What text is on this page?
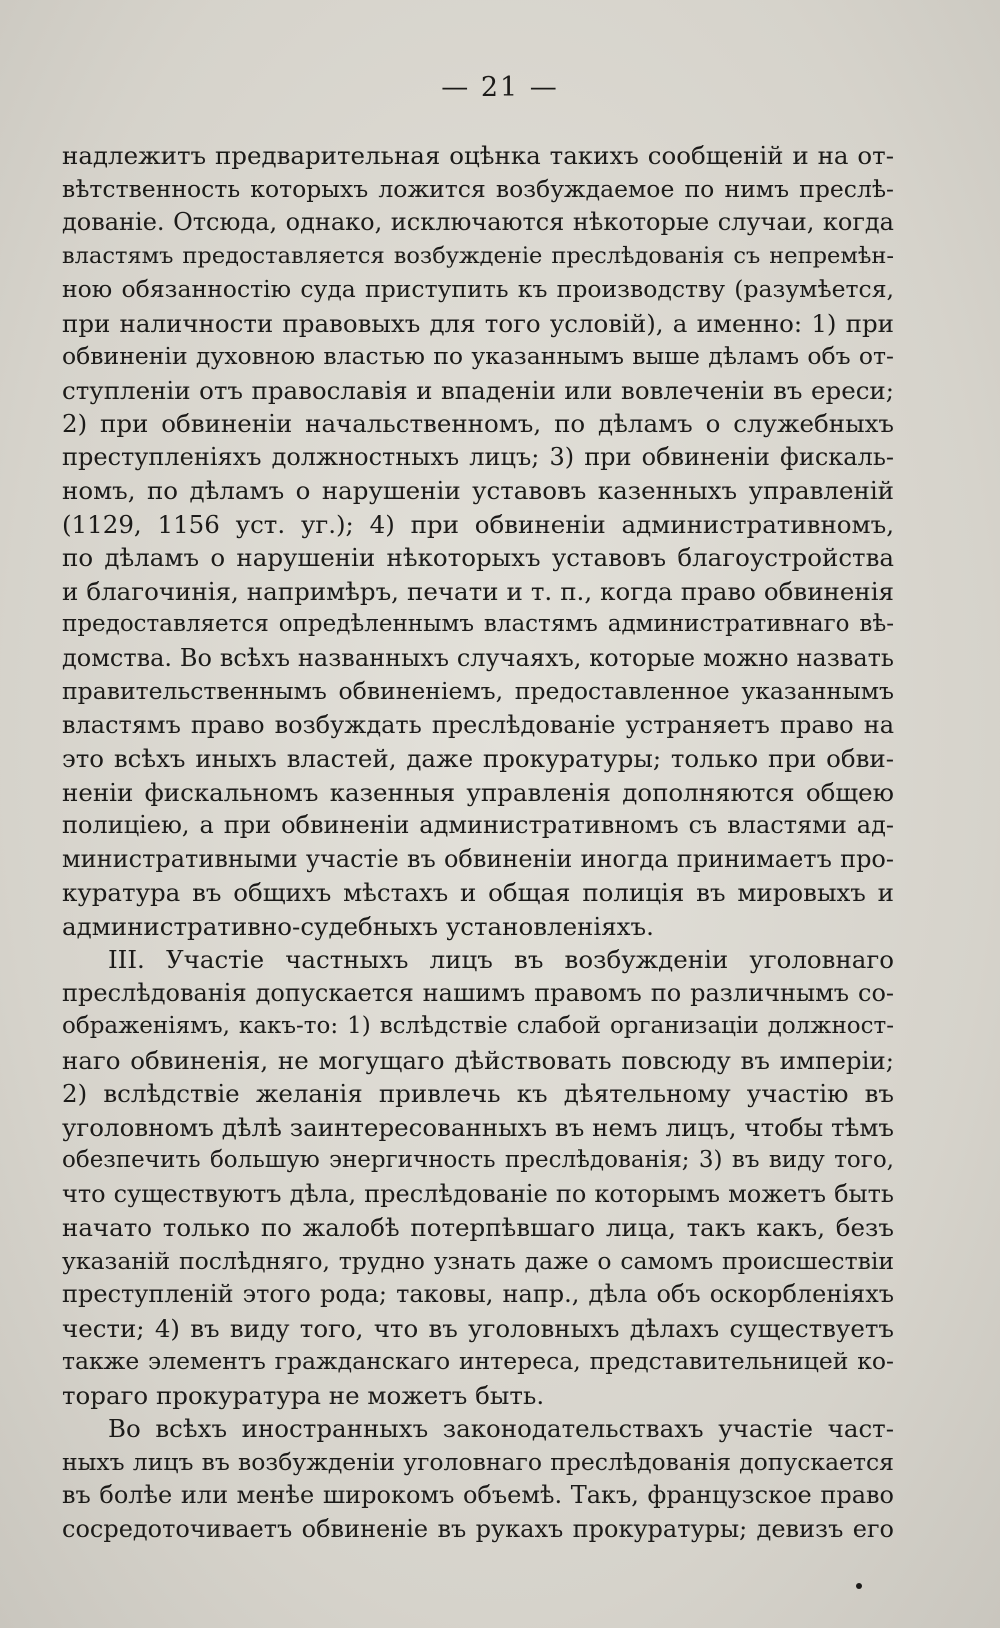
— 21 —
надлежитъ предварительная оцѣнка такихъ сообщеній и на от-
вѣтственность которыхъ ложится возбуждаемое по нимъ преслѣ-
дованіе. Отсюда, однако, исключаются нѣкоторые случаи, когда
властямъ предоставляется возбужденіе преслѣдованія съ непремѣн-
ною обязанностію суда приступить къ производству (разумѣется,
при наличности правовыхъ для того условій), а именно: 1) при
обвиненіи духовною властью по указаннымъ выше дѣламъ объ от-
ступленіи отъ православія и впаденіи или вовлеченіи въ ереси;
2) при обвиненіи начальственномъ, по дѣламъ о служебныхъ
преступленіяхъ должностныхъ лицъ; 3) при обвиненіи фискаль-
номъ, по дѣламъ о нарушеніи уставовъ казенныхъ управленій
(1129, 1156 уст. уг.); 4) при обвиненіи административномъ,
по дѣламъ о нарушеніи нѣкоторыхъ уставовъ благоустройства
и благочинія, напримѣръ, печати и т. п., когда право обвиненія
предоставляется опредѣленнымъ властямъ административнаго вѣ-
домства. Во всѣхъ названныхъ случаяхъ, которые можно назвать
правительственнымъ обвиненіемъ, предоставленное указаннымъ
властямъ право возбуждать преслѣдованіе устраняетъ право на
это всѣхъ иныхъ властей, даже прокуратуры; только при обви-
неніи фискальномъ казенныя управленія дополняются общею
полиціею, а при обвиненіи административномъ съ властями ад-
министративными участіе въ обвиненіи иногда принимаетъ про-
куратура въ общихъ мѣстахъ и общая полиція въ мировыхъ и
административно-судебныхъ установленіяхъ.
III. Участіе частныхъ лицъ въ возбужденіи уголовнаго
преслѣдованія допускается нашимъ правомъ по различнымъ со-
ображеніямъ, какъ-то: 1) вслѣдствіе слабой организаціи должност-
наго обвиненія, не могущаго дѣйствовать повсюду въ имперіи;
2) вслѣдствіе желанія привлечь къ дѣятельному участію въ
уголовномъ дѣлѣ заинтересованныхъ въ немъ лицъ, чтобы тѣмъ
обезпечить большую энергичность преслѣдованія; 3) въ виду того,
что существуютъ дѣла, преслѣдованіе по которымъ можетъ быть
начато только по жалобѣ потерпѣвшаго лица, такъ какъ, безъ
указаній послѣдняго, трудно узнать даже о самомъ происшествіи
преступленій этого рода; таковы, напр., дѣла объ оскорбленіяхъ
чести; 4) въ виду того, что въ уголовныхъ дѣлахъ существуетъ
также элементъ гражданскаго интереса, представительницей ко-
тораго прокуратура не можетъ быть.
Во всѣхъ иностранныхъ законодательствахъ участіе част-
ныхъ лицъ въ возбужденіи уголовнаго преслѣдованія допускается
въ болѣе или менѣе широкомъ объемѣ. Такъ, французское право
сосредоточиваетъ обвиненіе въ рукахъ прокуратуры; девизъ его
